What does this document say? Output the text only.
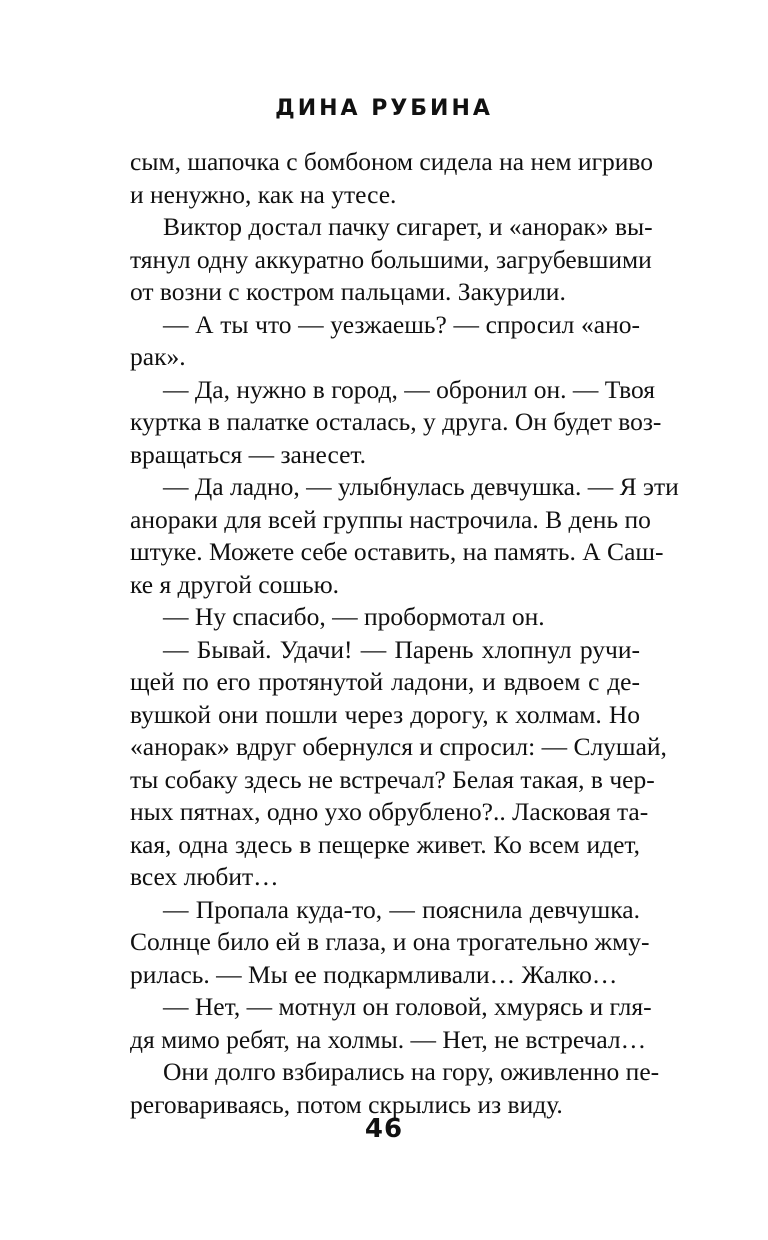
ДИНА РУБИНА
сым, шапочка с бомбоном сидела на нем игриво
и ненужно, как на утесе.
Виктор достал пачку сигарет, и «анорак» вы-
тянул одну аккуратно большими, загрубевшими
от возни с костром пальцами. Закурили.
— А ты что — уезжаешь? — спросил «ано-
рак».
— Да, нужно в город, — обронил он. — Твоя
куртка в палатке осталась, у друга. Он будет воз-
вращаться — занесет.
— Да ладно, — улыбнулась девчушка. — Я эти
анораки для всей группы настрочила. В день по
штуке. Можете себе оставить, на память. А Саш-
ке я другой сошью.
— Ну спасибо, — пробормотал он.
— Бывай. Удачи! — Парень хлопнул ручи-
щей по его протянутой ладони, и вдвоем с де-
вушкой они пошли через дорогу, к холмам. Но
«анорак» вдруг обернулся и спросил: — Слушай,
ты собаку здесь не встречал? Белая такая, в чер-
ных пятнах, одно ухо обрублено?.. Ласковая та-
кая, одна здесь в пещерке живет. Ко всем идет,
всех любит…
— Пропала куда-то, — пояснила девчушка.
Солнце било ей в глаза, и она трогательно жму-
рилась. — Мы ее подкармливали… Жалко…
— Нет, — мотнул он головой, хмурясь и гля-
дя мимо ребят, на холмы. — Нет, не встречал…
Они долго взбирались на гору, оживленно пе-
реговариваясь, потом скрылись из виду.
46
